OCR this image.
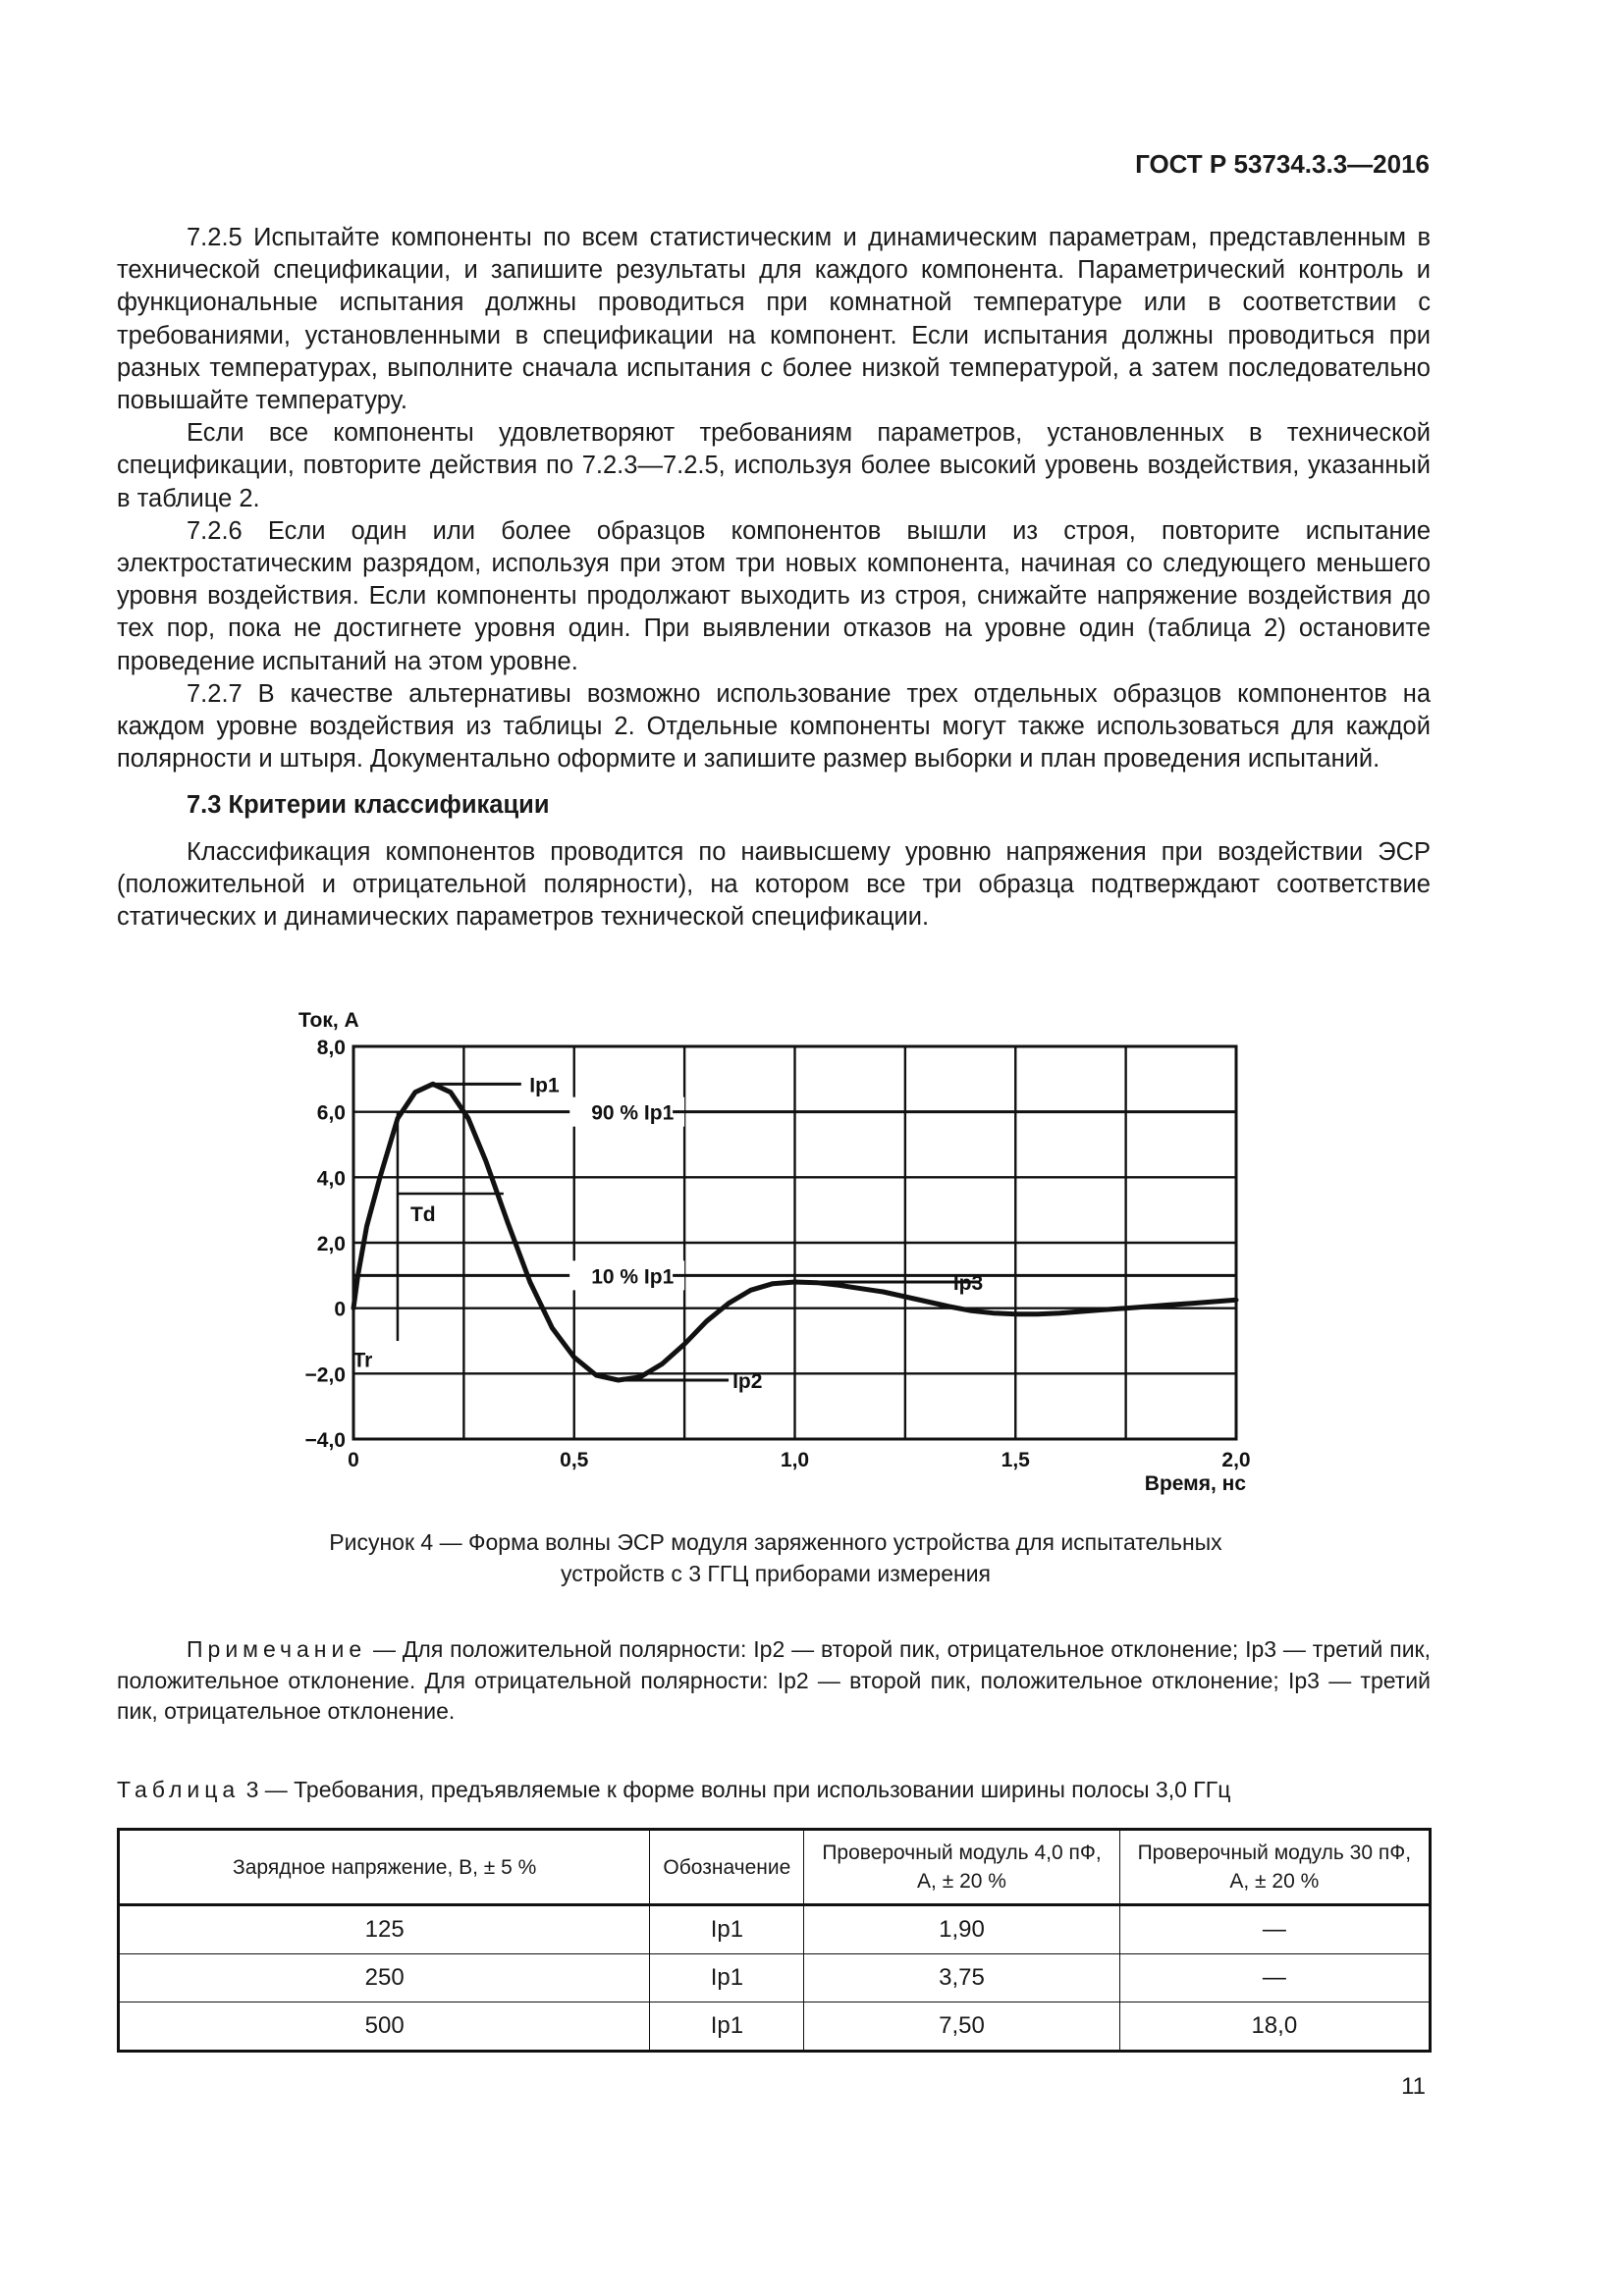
ГОСТ Р 53734.3.3—2016

7.2.5 Испытайте компоненты по всем статистическим и динамическим параметрам, представленным в технической спецификации, и запишите результаты для каждого компонента. Параметрический контроль и функциональные испытания должны проводиться при комнатной температуре или в соответствии с требованиями, установленными в спецификации на компонент. Если испытания должны проводиться при разных температурах, выполните сначала испытания с более низкой температурой, а затем последовательно повышайте температуру.

Если все компоненты удовлетворяют требованиям параметров, установленных в технической спецификации, повторите действия по 7.2.3—7.2.5, используя более высокий уровень воздействия, указанный в таблице 2.

7.2.6 Если один или более образцов компонентов вышли из строя, повторите испытание электростатическим разрядом, используя при этом три новых компонента, начиная со следующего меньшего уровня воздействия. Если компоненты продолжают выходить из строя, снижайте напряжение воздействия до тех пор, пока не достигнете уровня один. При выявлении отказов на уровне один (таблица 2) остановите проведение испытаний на этом уровне.

7.2.7 В качестве альтернативы возможно использование трех отдельных образцов компонентов на каждом уровне воздействия из таблицы 2. Отдельные компоненты могут также использоваться для каждой полярности и штыря. Документально оформите и запишите размер выборки и план проведения испытаний.

7.3 Критерии классификации

Классификация компонентов проводится по наивысшему уровню напряжения при воздействии ЭСР (положительной и отрицательной полярности), на котором все три образца подтверждают соответствие статических и динамических параметров технической спецификации.

8,0
6,0
4,0
2,0
0
−2,0
−4,0
0	0,5	1,0	1,5	2,0
Ток, А
Время, нс
Ip1
90 % Ip1
10 % Ip1
Ip2
Ip3
Td
Tr
Рисунок 4 — Форма волны ЭСР модуля заряженного устройства для испытательных
устройств с 3 ГГЦ приборами измерения
Примечание — Для положительной полярности: Ip2 — второй пик, отрицательное отклонение; Ip3 — третий пик, положительное отклонение. Для отрицательной полярности: Ip2 — второй пик, положительное отклонение; Ip3 — третий пик, отрицательное отклонение.
Таблица 3 — Требования, предъявляемые к форме волны при использовании ширины полосы 3,0 ГГц
Зарядное напряжение, В, ± 5 %	Обозначение	Проверочный модуль 4,0 пФ, А, ± 20 %	Проверочный модуль 30 пФ, А, ± 20 %
125	Ip1	1,90	—
250	Ip1	3,75	—
500	Ip1	7,50	18,0
11
